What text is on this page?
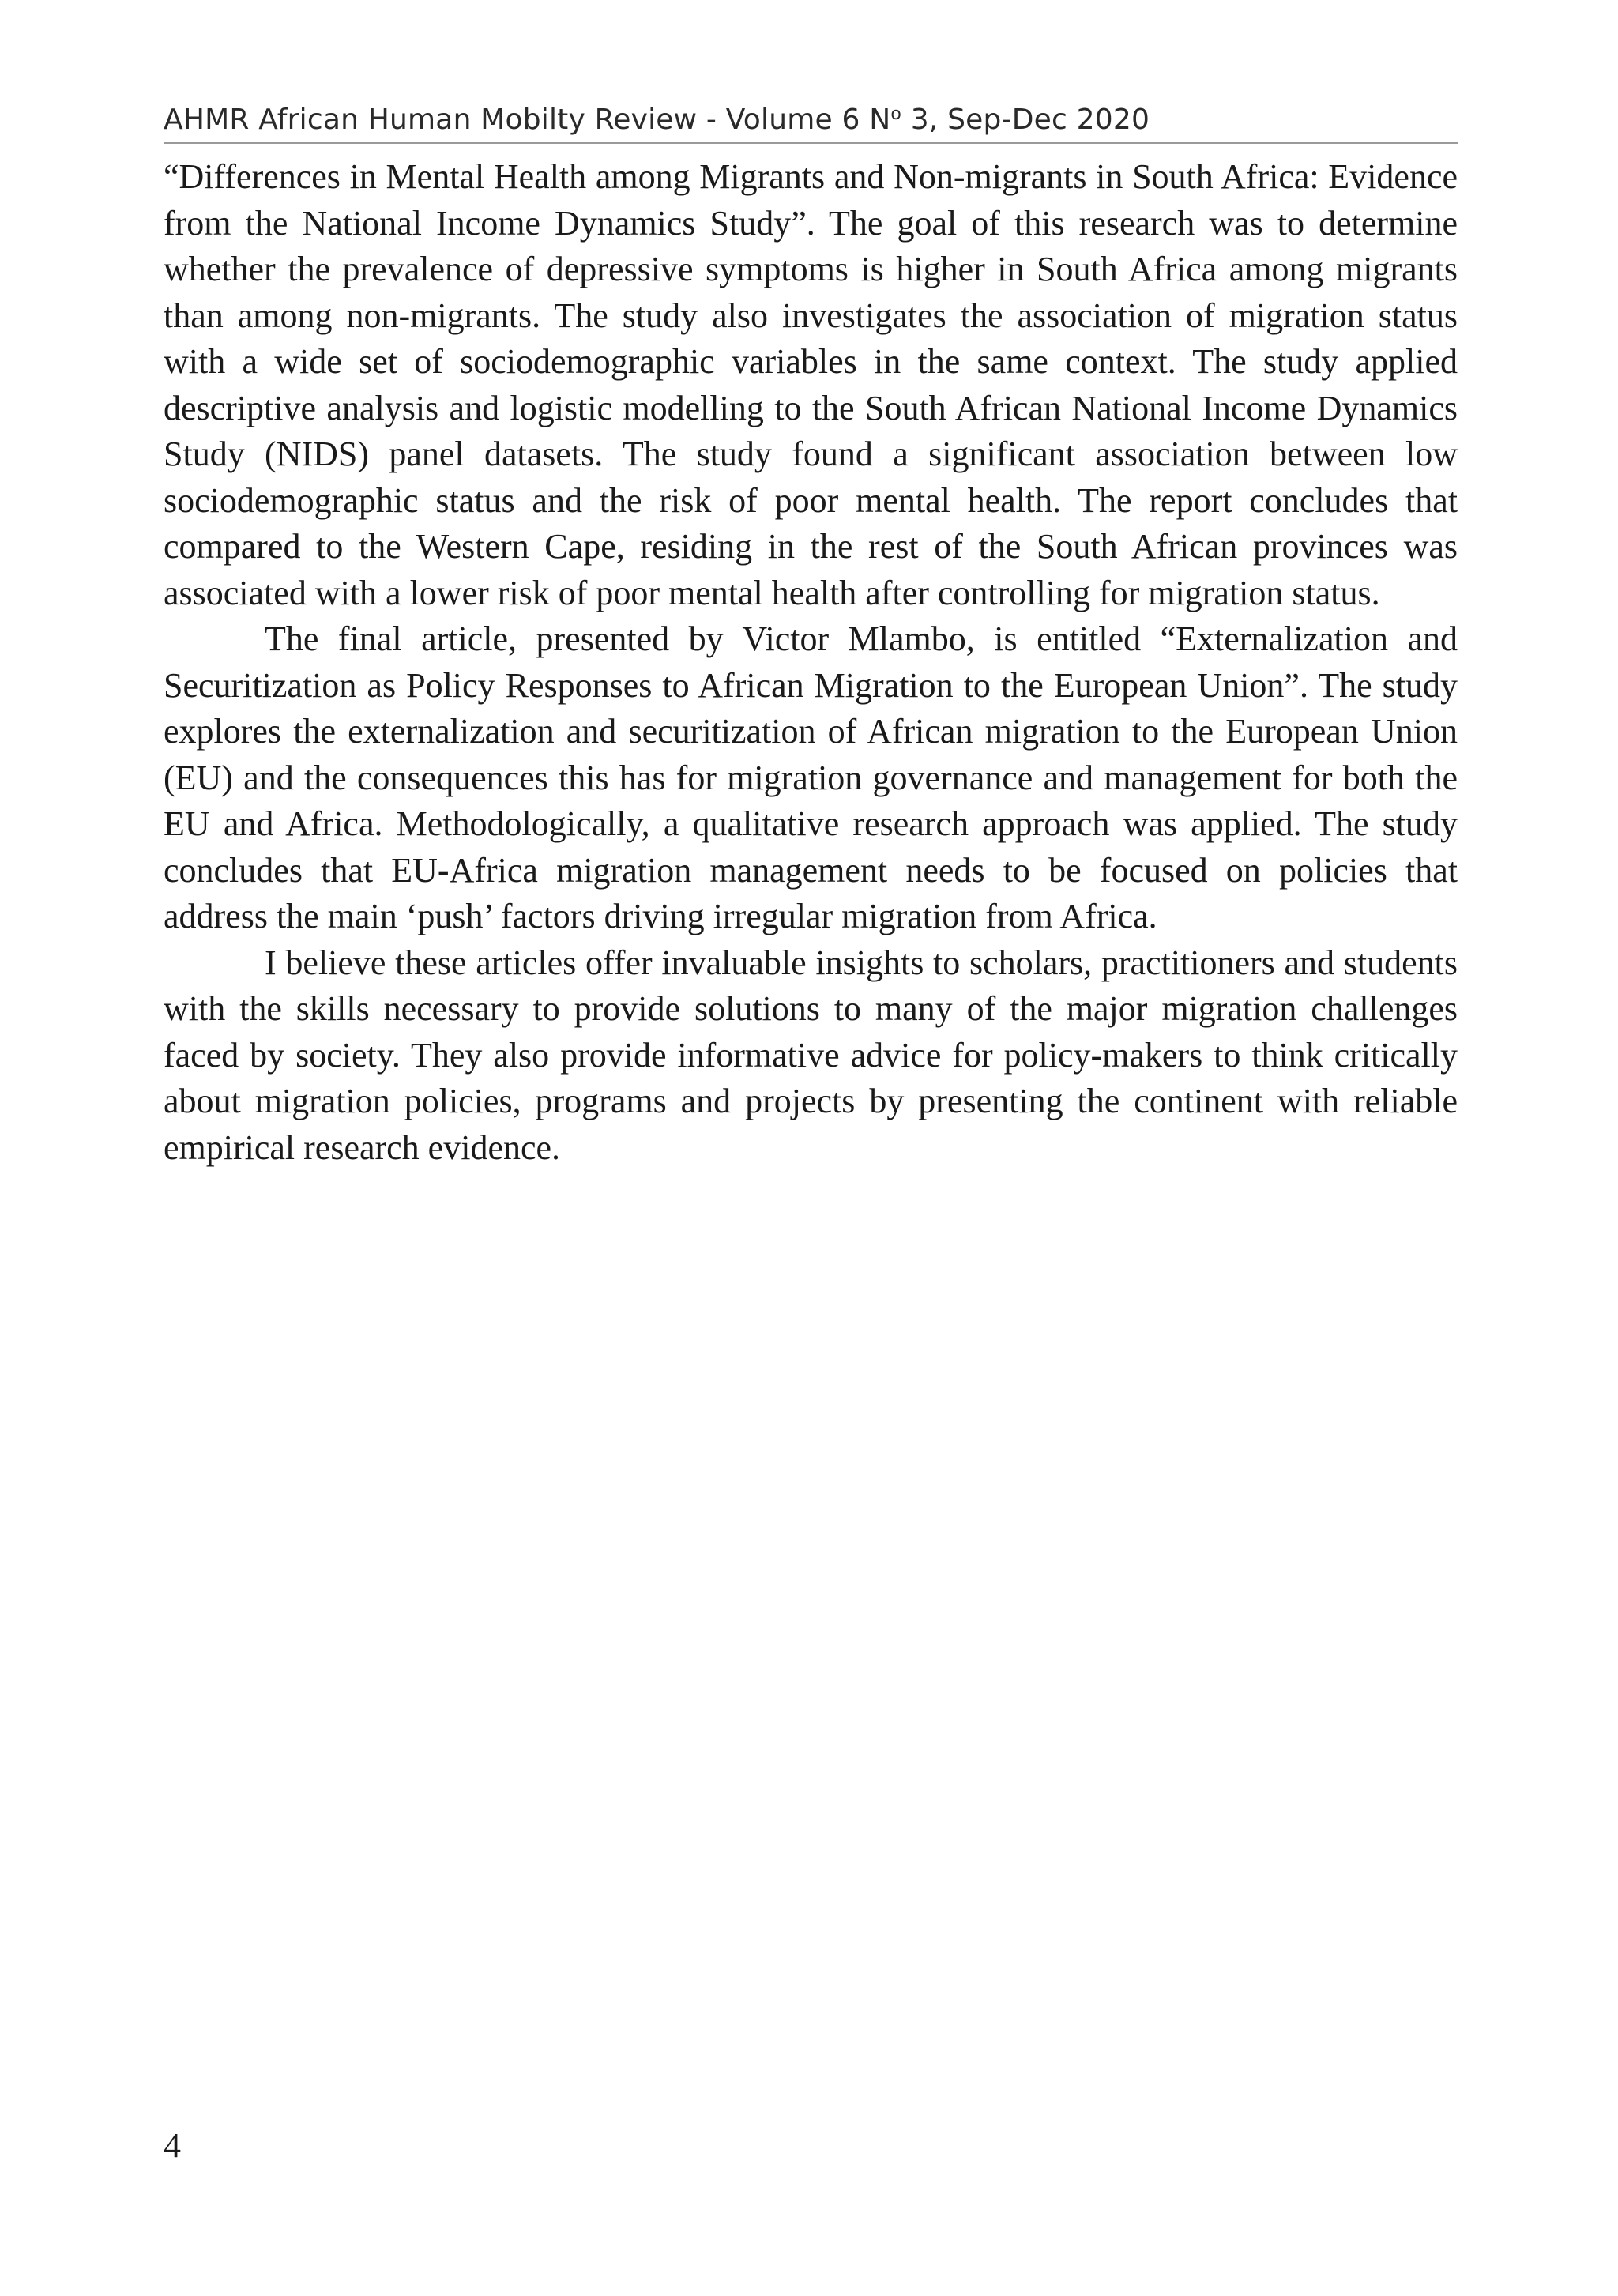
AHMR African Human Mobilty Review - Volume 6 $N^o$ 3, Sep-Dec 2020

“Differences in Mental Health among Migrants and Non-migrants in South Africa: Evidence from the National Income Dynamics Study”. The goal of this research was to determine whether the prevalence of depressive symptoms is higher in South Africa among migrants than among non-migrants. The study also investigates the association of migration status with a wide set of sociodemographic variables in the same context. The study applied descriptive analysis and logistic modelling to the South African National Income Dynamics Study (NIDS) panel datasets. The study found a significant association between low sociodemographic status and the risk of poor mental health. The report concludes that compared to the Western Cape, residing in the rest of the South African provinces was associated with a lower risk of poor mental health after controlling for migration status.

The final article, presented by Victor Mlambo, is entitled “Externalization and Securitization as Policy Responses to African Migration to the European Union”. The study explores the externalization and securitization of African migration to the European Union (EU) and the consequences this has for migration governance and management for both the EU and Africa. Methodologically, a qualitative research approach was applied. The study concludes that EU-Africa migration management needs to be focused on policies that address the main ‘push’ factors driving irregular migration from Africa.

I believe these articles offer invaluable insights to scholars, practitioners and students with the skills necessary to provide solutions to many of the major migration challenges faced by society. They also provide informative advice for policy-makers to think critically about migration policies, programs and projects by presenting the continent with reliable empirical research evidence.

4
